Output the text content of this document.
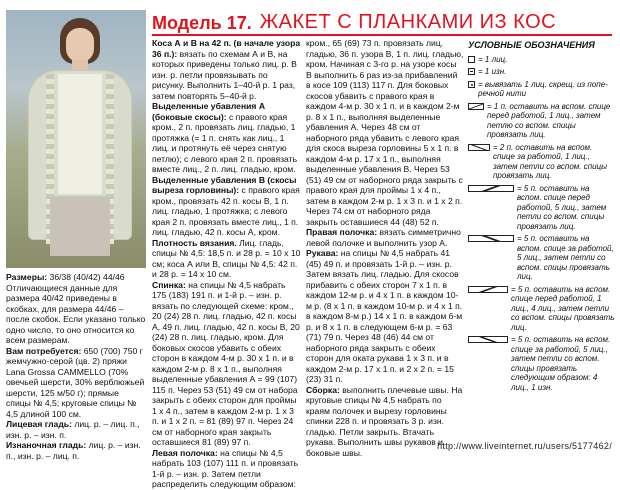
Модель 17. ЖАКЕТ С ПЛАНКАМИ ИЗ КОС

Размеры: 36/38 (40/42) 44/46

Отличающиеся данные для размера 40/42 приведены в скобках, для размера 44/46 – после скобок. Если указано только одно число, то оно относится ко всем размерам.

Вам потребуется: 650 (700) 750 г жемчужно-серой (цв. 2) пряжи Lana Grossa CAMMELLO (70% овечьей шерсти, 30% верблюжьей шерсти, 125 м/50 г); прямые спицы № 4,5; круговые спицы № 4,5 длиной 100 см.

Лицевая гладь: лиц. р. – лиц. п., изн. р. – изн. п.

Изнаночная гладь: лиц. р. – изн. п., изн. р. – лиц. п.

Коса А и В на 42 п. (в начале узора 36 п.): вязать по схемам А и В, на которых приведены только лиц. р. В изн. р. петли провязывать по рисунку. Выполнить 1–40-й р. 1 раз, затем повторять 5–40-й р.

Выделенные убавления А (боковые скосы): с правого края кром., 2 п. провязать лиц. гладью, 1 протяжка (= 1 п. снять как лиц., 1 лиц. и протянуть её через снятую петлю); с левого края 2 п. провязать вместе лиц., 2 п. лиц. гладью, кром.

Выделенные убавления В (скосы выреза горловины): с правого края кром., провязать 42 п. косы В, 1 п. лиц. гладью, 1 протяжка; с левого края 2 п. провязать вместе лиц., 1 п. лиц. гладью, 42 п. косы А, кром.

Плотность вязания. Лиц. гладь, спицы № 4,5: 18,5 п. и 28 р. = 10 х 10 см; коса А или В, спицы № 4,5: 42 п. и 28 р. = 14 х 10 см.

Спинка: на спицы № 4,5 набрать 175 (183) 191 п. и 1-й р. – изн. р. вязать по следующей схеме: кром., 20 (24) 28 п. лиц. гладью, 42 п. косы А, 49 п. лиц. гладью, 42 п. косы В, 20 (24) 28 п. лиц. гладью, кром. Для боковых скосов убавить с обеих сторон в каждом 4-м р. 30 х 1 п. и в каждом 2-м р. 8 х 1 п., выполняя выделенные убавления А = 99 (107) 115 п. Через 53 (51) 49 см от набора закрыть с обеих сторон для проймы 1 х 4 п., затем в каждом 2-м р. 1 х 3 п. и 1 х 2 п. = 81 (89) 97 п. Через 24 см от наборного края закрыть оставшиеся 81 (89) 97 п.

Левая полочка: на спицы № 4,5 набрать 103 (107) 111 п. и провязать 1-й р. – изн. р. Затем петли распределить следующим образом:

кром., 65 (69) 73 п. провязать лиц. гладью, 36 п. узора В, 1 п. лиц. гладью, кром. Начиная с 3-го р. на узоре косы В выполнить 6 раз из-за прибавлений в косе 109 (113) 117 п. Для боковых скосов убавить с правого края в каждом 4-м р. 30 х 1 п. и в каждом 2-м р. 8 х 1 п., выполняя выделенные убавления А. Через 48 см от наборного ряда убавить с левого края для скоса выреза горловины 5 х 1 п. в каждом 4-м р. 17 х 1 п., выполняя выделенные убавления В. Через 53 (51) 49 см от наборного ряда закрыть с правого края для проймы 1 х 4 п., затем в каждом 2-м р. 1 х 3 п. и 1 х 2 п. Через 74 см от наборного ряда закрыть оставшиеся 44 (48) 52 п.

Правая полочка: вязать симметрично левой полочке и выполнить узор А.

Рукава: на спицы № 4,5 набрать 41 (45) 49 п. и провязать 1-й р. – изн. р. Затем вязать лиц. гладью. Для скосов прибавить с обеих сторон 7 х 1 п. в каждом 12-м р. и 4 х 1 п. в каждом 10-м р. (8 х 1 п. в каждом 10-м р. и 4 х 1 п. в каждом 8-м р.) 14 х 1 п. в каждом 6-м р. и 8 х 1 п. в следующем 6-м р. = 63 (71) 79 п. Через 48 (46) 44 см от наборного ряда закрыть с обеих сторон для оката рукава 1 х 3 п. и в каждом 2-м р. 17 х 1 п. и 2 х 2 п. = 15 (23) 31 п.

Сборка: выполнить плечевые швы. На круговые спицы № 4,5 набрать по краям полочек и вырезу горловины спинки 228 п. и провязать 3 р. изн. гладью. Петли закрыть. Втачать рукава. Выполнить швы рукавов и боковые швы.

УСЛОВНЫЕ ОБОЗНАЧЕНИЯ
= 1 лиц.
= 1 изн.
= вывязать 1 лиц. скрещ. из поперечной нити
= 1 п. оставить на вспом. спице перед работой, 1 лиц., затем петлю со вспом. спицы провязать лиц.
= 2 п. оставить на вспом. спице за работой, 1 лиц., затем петли со вспом. спицы провязать лиц.
= 5 п. оставить на вспом. спице перед работой, 5 лиц., затем петли со вспом. спицы провязать лиц.
= 5 п. оставить на вспом. спице за работой, 5 лиц., затем петли со вспом. спицы провязать лиц.
= 5 п. оставить на вспом. спице перед работой, 1 лиц., 4 лиц., затем петли со вспом. спицы провязать лиц.
= 5 п. оставить на вспом. спице за работой, 5 лиц., затем петли со вспом. спицы провязать следующим образом: 4 лиц., 1 изн.
http://www.liveinternet.ru/users/5177462/
